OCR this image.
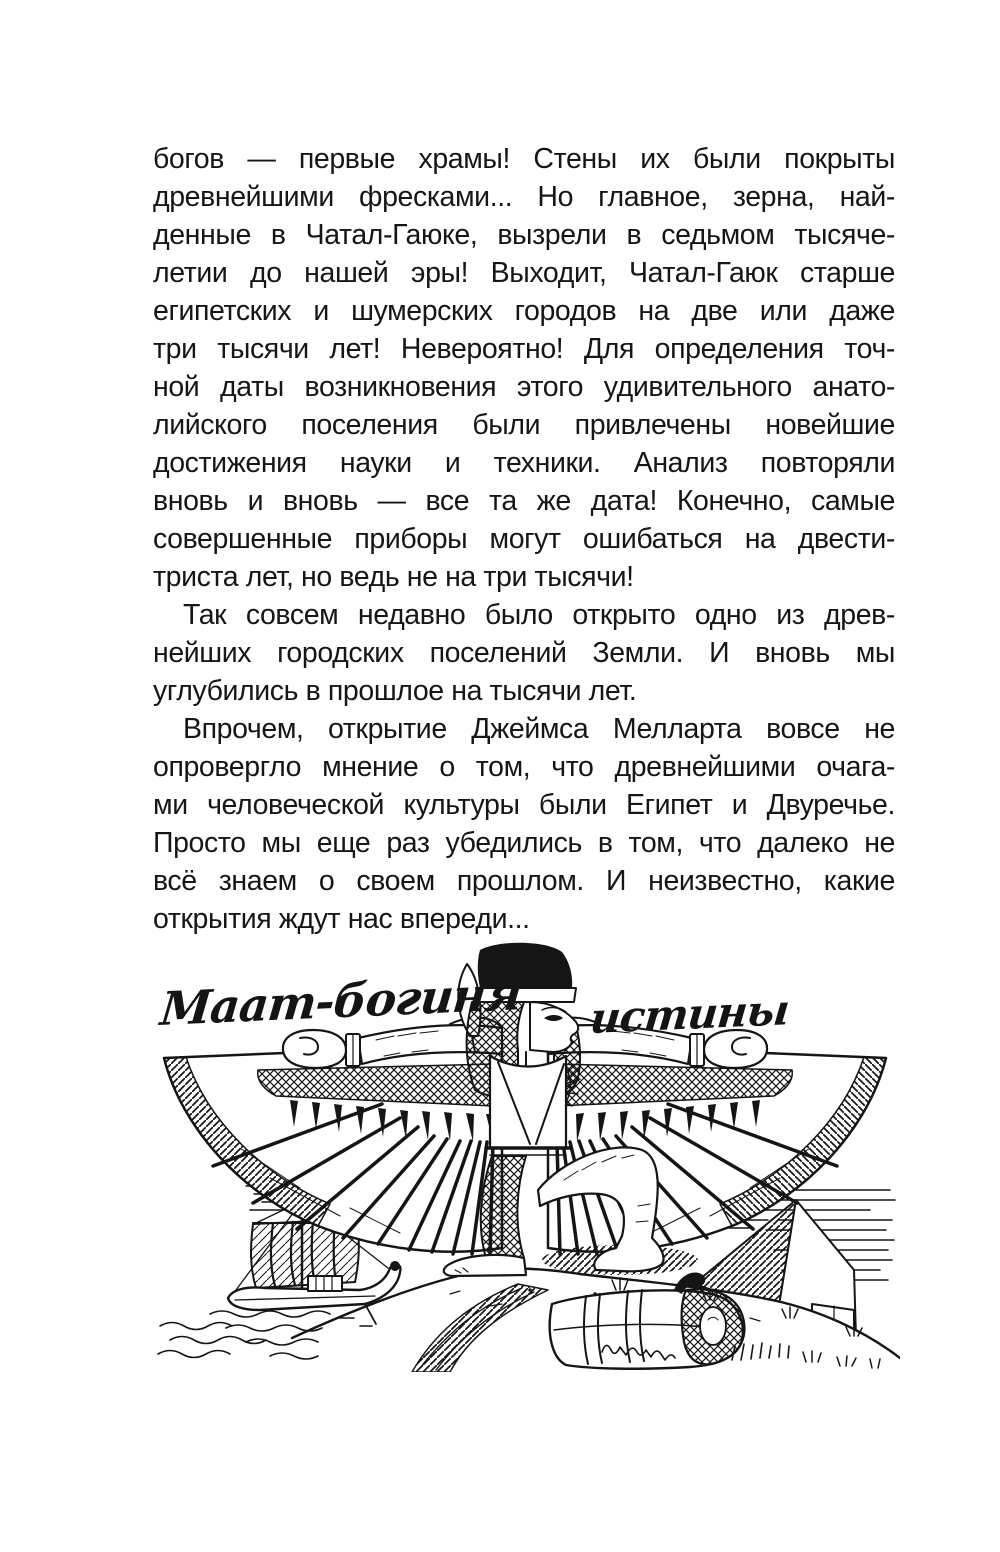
богов — первые храмы! Стены их были покрыты
древнейшими фресками... Но главное, зерна, най-
денные в Чатал-Гаюке, вызрели в седьмом тысяче-
летии до нашей эры! Выходит, Чатал-Гаюк старше
египетских и шумерских городов на две или даже
три тысячи лет! Невероятно! Для определения точ-
ной даты возникновения этого удивительного анато-
лийского поселения были привлечены новейшие
достижения науки и техники. Анализ повторяли
вновь и вновь — все та же дата! Конечно, самые
совершенные приборы могут ошибаться на двести-
триста лет, но ведь не на три тысячи!
Так совсем недавно было открыто одно из древ-
нейших городских поселений Земли. И вновь мы
углубились в прошлое на тысячи лет.
Впрочем, открытие Джеймса Мелларта вовсе не
опровергло мнение о том, что древнейшими очага-
ми человеческой культуры были Египет и Двуречье.
Просто мы еще раз убедились в том, что далеко не
всё знаем о своем прошлом. И неизвестно, какие
открытия ждут нас впереди...
Маат-богиня истины
